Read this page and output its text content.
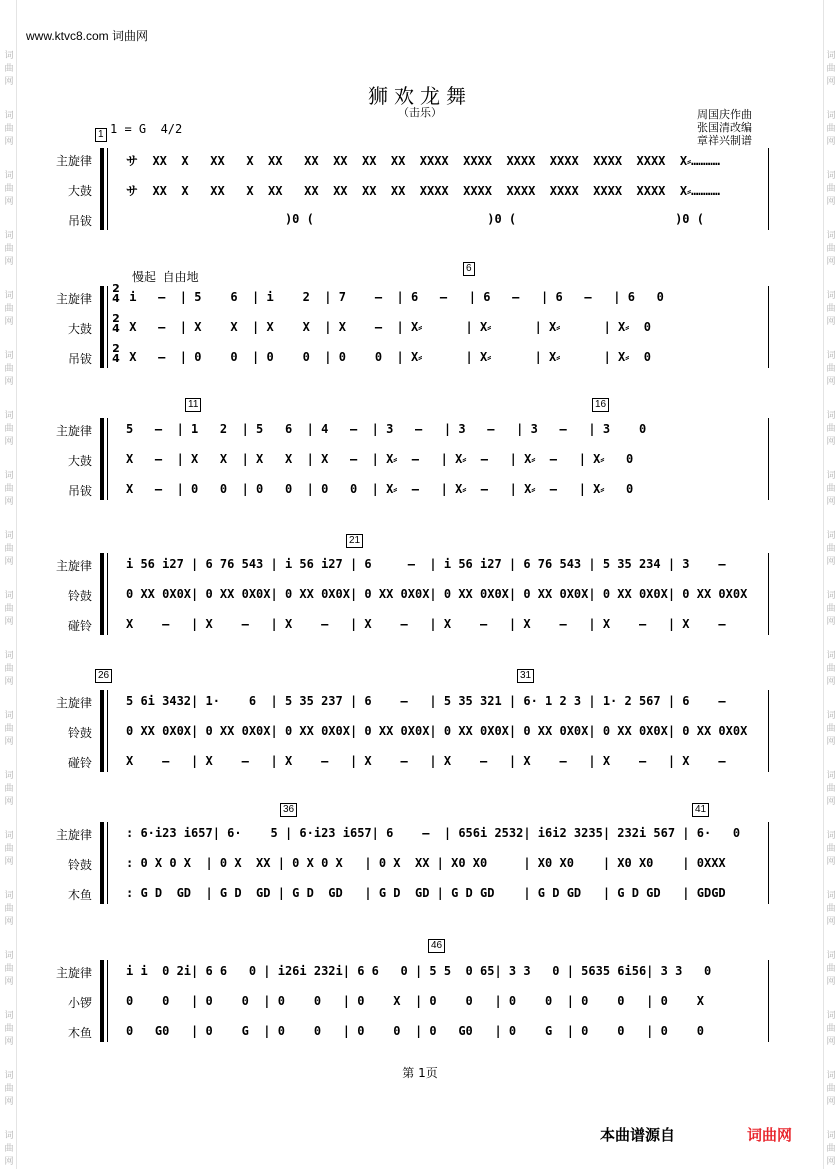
词
曲
网
词
曲
网
词
曲
网
词
曲
网
词
曲
网
词
曲
网
词
曲
网
词
曲
网
词
曲
网
词
曲
网
词
曲
网
词
曲
网
词
曲
网
词
曲
网
词
曲
网
词
曲
网
词
曲
网
词
曲
网
词
曲
网
词
曲
网
词
曲
网
词
曲
网
词
曲
网
词
曲
网
词
曲
网
词
曲
网
词
曲
网
词
曲
网
词
曲
网
词
曲
网
词
曲
网
词
曲
网
词
曲
网
词
曲
网
词
曲
网
词
曲
网
词
曲
网
词
曲
网
www.ktvc8.com 词曲网
狮欢龙舞
（击乐）	周国庆作曲
张国清改编
章祥兴制谱
1 = G  4/2
慢起  自由地
主旋律
大鼓
吊钹
サ  XX  X   XX   X  XX   XX  XX  XX  XX  XXXX  XXXX  XXXX  XXXX  XXXX  XXXX  X⸗…………
サ  XX  X   XX   X  XX   XX  XX  XX  XX  XXXX  XXXX  XXXX  XXXX  XXXX  XXXX  X⸗…………
)0 (                        )0 (                      )0 (
1
主旋律
大鼓
吊钹
i   –  | 5    6  | i    2  | 7    –  | 6   –   | 6   –   | 6   –   | 6   0
X   –  | X    X  | X    X  | X    –  | X⸗      | X⸗      | X⸗      | X⸗  0
X   –  | 0    0  | 0    0  | 0    0  | X⸗      | X⸗      | X⸗      | X⸗  0
6
主旋律
大鼓
吊钹
5   –  | 1   2  | 5   6  | 4   –  | 3   –   | 3   –   | 3   –   | 3    0
X   –  | X   X  | X   X  | X   –  | X⸗  –   | X⸗  –   | X⸗  –   | X⸗   0
X   –  | 0   0  | 0   0  | 0   0  | X⸗  –   | X⸗  –   | X⸗  –   | X⸗   0
11	16
主旋律
铃鼓
碰铃
i 56 i27 | 6 76 543 | i 56 i27 | 6     –  | i 56 i27 | 6 76 543 | 5 35 234 | 3    –
0 XX 0X0X| 0 XX 0X0X| 0 XX 0X0X| 0 XX 0X0X| 0 XX 0X0X| 0 XX 0X0X| 0 XX 0X0X| 0 XX 0X0X
X    –   | X    –   | X    –   | X    –   | X    –   | X    –   | X    –   | X    –
21
主旋律
铃鼓
碰铃
5 6i 3432| 1·    6  | 5 35 237 | 6    –   | 5 35 321 | 6· 1 2 3 | 1· 2 567 | 6    –
0 XX 0X0X| 0 XX 0X0X| 0 XX 0X0X| 0 XX 0X0X| 0 XX 0X0X| 0 XX 0X0X| 0 XX 0X0X| 0 XX 0X0X
X    –   | X    –   | X    –   | X    –   | X    –   | X    –   | X    –   | X    –
26	31
主旋律
铃鼓
木鱼
: 6·i23 i657| 6·    5 | 6·i23 i657| 6    –  | 656i 2532| i6i2 3235| 232i 567 | 6·   0
: 0 X 0 X  | 0 X  XX | 0 X 0 X   | 0 X  XX | X0 X0     | X0 X0    | X0 X0    | 0XXX
: G D  GD  | G D  GD | G D  GD   | G D  GD | G D GD    | G D GD   | G D GD   | GDGD
36	41
主旋律
小锣
木鱼
i i  0 2i| 6 6   0 | i26i 232i| 6 6   0 | 5 5  0 65| 3 3   0 | 5635 6i56| 3 3   0
0    0   | 0    0  | 0    0   | 0    X  | 0    0   | 0    0  | 0    0   | 0    X
0   G0   | 0    G  | 0    0   | 0    0  | 0   G0   | 0    G  | 0    0   | 0    0
46
2
4
2
4
2
4
第 1页
本曲谱源自	词曲网
